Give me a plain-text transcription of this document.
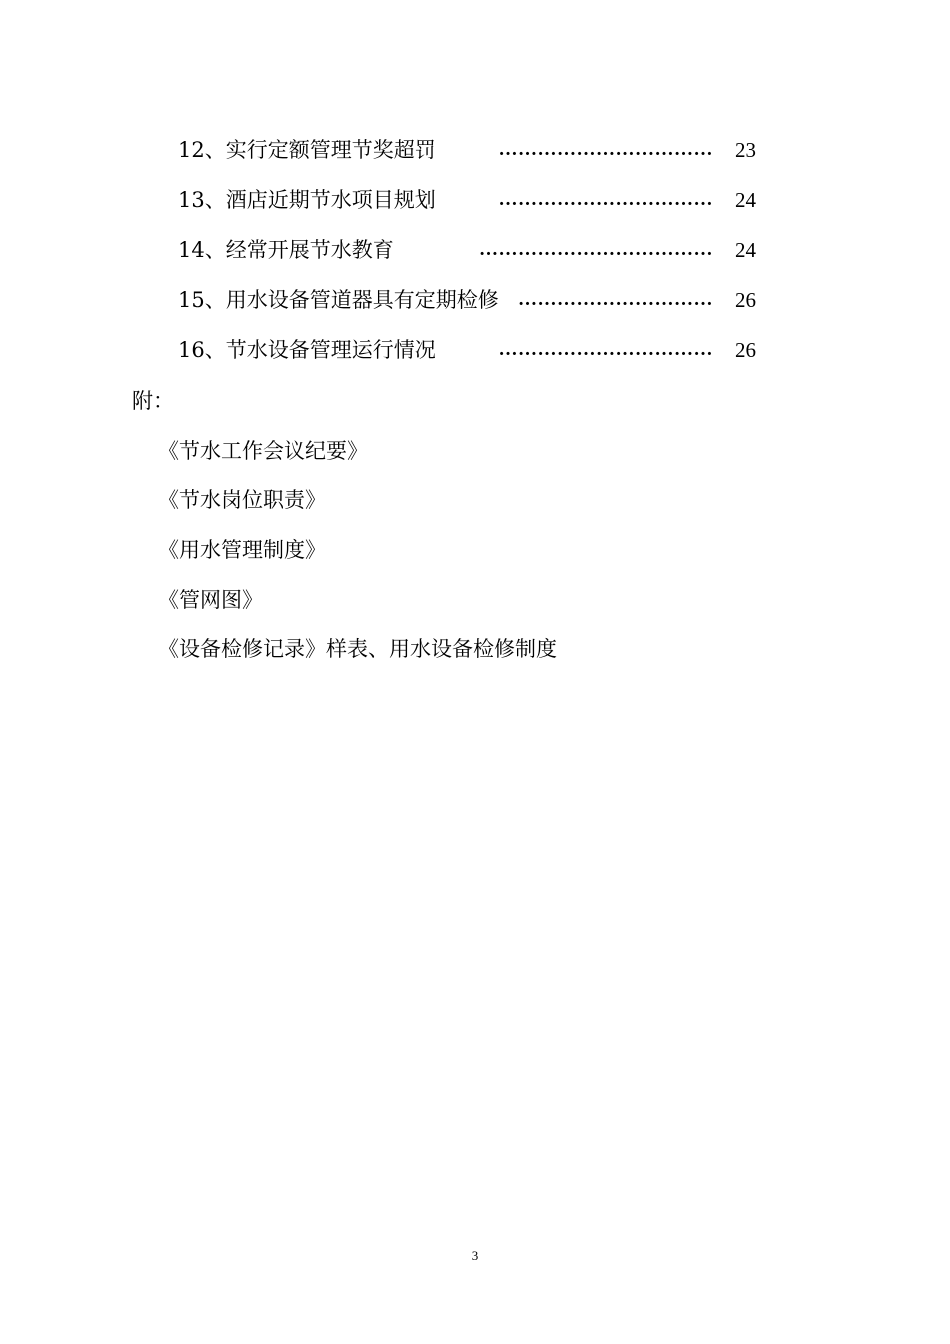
12、实行定额管理节奖超罚	…………………………… 23
13、酒店近期节水项目规划	…………………………… 24
14、经常开展节水教育	……………………………… 24
15、用水设备管道器具有定期检修 ………………………… 26
16、节水设备管理运行情况	…………………………… 26
附：
《节水工作会议纪要》
《节水岗位职责》
《用水管理制度》
《管网图》
《设备检修记录》样表、用水设备检修制度
3
